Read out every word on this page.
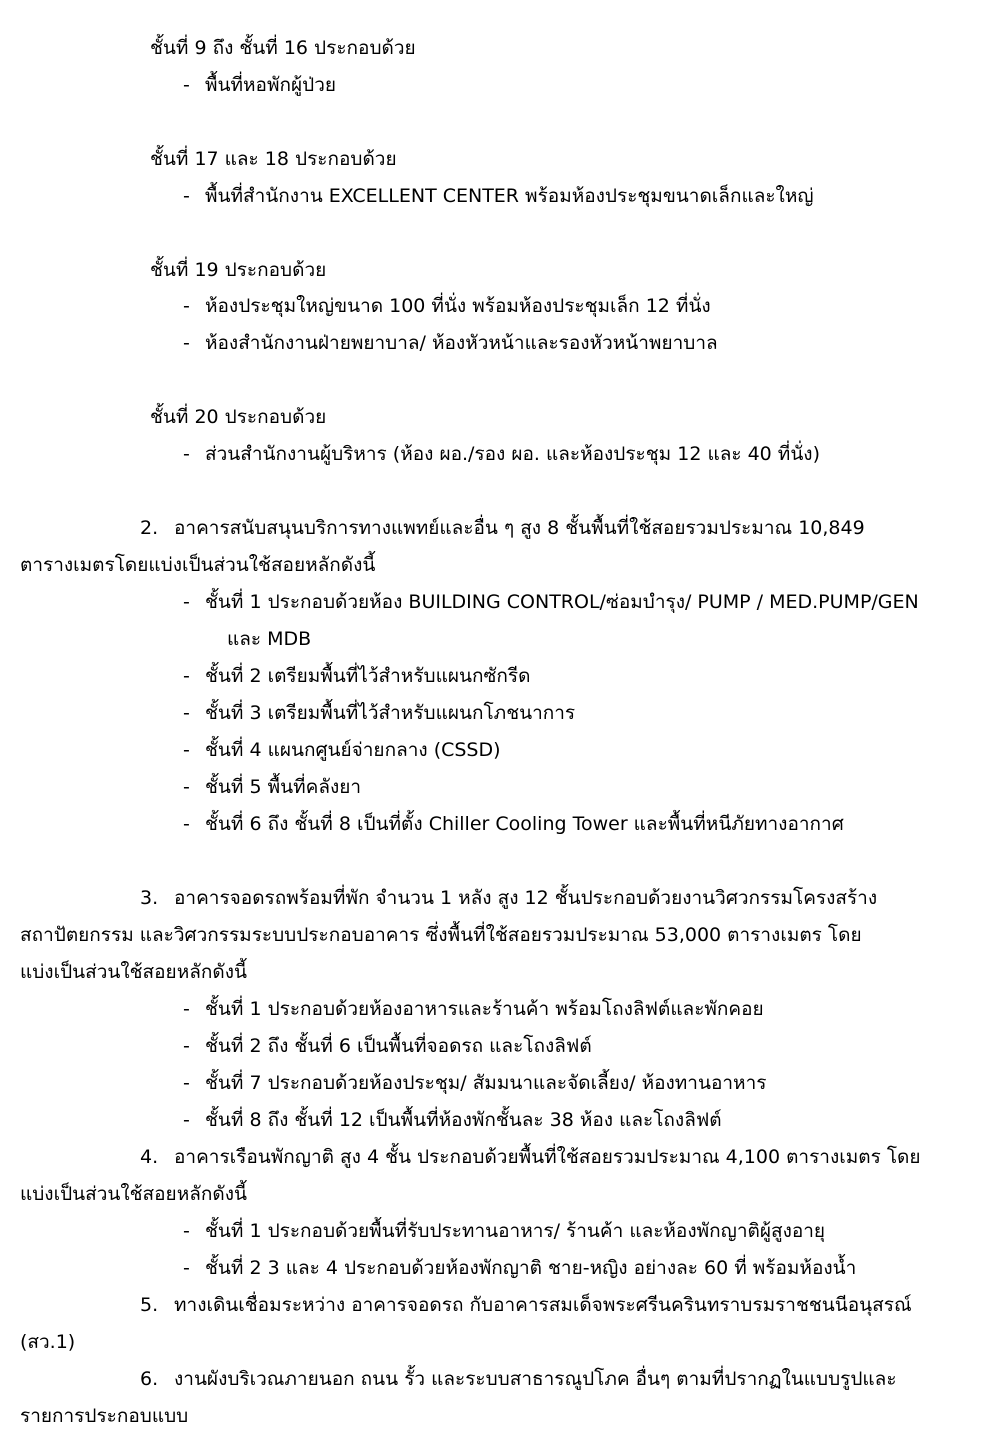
ชั้นที่ 9 ถึง ชั้นที่ 16 ประกอบด้วย
- พื้นที่หอพักผู้ป่วย
ชั้นที่ 17 และ 18 ประกอบด้วย
- พื้นที่สำนักงาน EXCELLENT CENTER พร้อมห้องประชุมขนาดเล็กและใหญ่
ชั้นที่ 19 ประกอบด้วย
- ห้องประชุมใหญ่ขนาด 100 ที่นั่ง พร้อมห้องประชุมเล็ก 12 ที่นั่ง
- ห้องสำนักงานฝ่ายพยาบาล/ ห้องหัวหน้าและรองหัวหน้าพยาบาล
ชั้นที่ 20 ประกอบด้วย
- ส่วนสำนักงานผู้บริหาร (ห้อง ผอ./รอง ผอ. และห้องประชุม 12 และ 40 ที่นั่ง)
2. อาคารสนับสนุนบริการทางแพทย์และอื่น ๆ สูง 8 ชั้นพื้นที่ใช้สอยรวมประมาณ 10,849
ตารางเมตรโดยแบ่งเป็นส่วนใช้สอยหลักดังนี้
- ชั้นที่ 1 ประกอบด้วยห้อง BUILDING CONTROL/ซ่อมบำรุง/ PUMP / MED.PUMP/GEN
และ MDB
- ชั้นที่ 2 เตรียมพื้นที่ไว้สำหรับแผนกซักรีด
- ชั้นที่ 3 เตรียมพื้นที่ไว้สำหรับแผนกโภชนาการ
- ชั้นที่ 4 แผนกศูนย์จ่ายกลาง (CSSD)
- ชั้นที่ 5 พื้นที่คลังยา
- ชั้นที่ 6 ถึง ชั้นที่ 8 เป็นที่ตั้ง Chiller Cooling Tower และพื้นที่หนีภัยทางอากาศ
3. อาคารจอดรถพร้อมที่พัก จำนวน 1 หลัง สูง 12 ชั้นประกอบด้วยงานวิศวกรรมโครงสร้าง
สถาปัตยกรรม และวิศวกรรมระบบประกอบอาคาร ซึ่งพื้นที่ใช้สอยรวมประมาณ 53,000 ตารางเมตร โดย
แบ่งเป็นส่วนใช้สอยหลักดังนี้
- ชั้นที่ 1 ประกอบด้วยห้องอาหารและร้านค้า พร้อมโถงลิฟต์และพักคอย
- ชั้นที่ 2 ถึง ชั้นที่ 6 เป็นพื้นที่จอดรถ และโถงลิฟต์
- ชั้นที่ 7 ประกอบด้วยห้องประชุม/ สัมมนาและจัดเลี้ยง/ ห้องทานอาหาร
- ชั้นที่ 8 ถึง ชั้นที่ 12 เป็นพื้นที่ห้องพักชั้นละ 38 ห้อง และโถงลิฟต์
4. อาคารเรือนพักญาติ สูง 4 ชั้น ประกอบด้วยพื้นที่ใช้สอยรวมประมาณ 4,100 ตารางเมตร โดย
แบ่งเป็นส่วนใช้สอยหลักดังนี้
- ชั้นที่ 1 ประกอบด้วยพื้นที่รับประทานอาหาร/ ร้านค้า และห้องพักญาติผู้สูงอายุ
- ชั้นที่ 2 3 และ 4 ประกอบด้วยห้องพักญาติ ชาย-หญิง อย่างละ 60 ที่ พร้อมห้องน้ำ
5. ทางเดินเชื่อมระหว่าง อาคารจอดรถ กับอาคารสมเด็จพระศรีนครินทราบรมราชชนนีอนุสรณ์
(สว.1)
6. งานผังบริเวณภายนอก ถนน รั้ว และระบบสาธารณูปโภค อื่นๆ ตามที่ปรากฏในแบบรูปและ
รายการประกอบแบบ
